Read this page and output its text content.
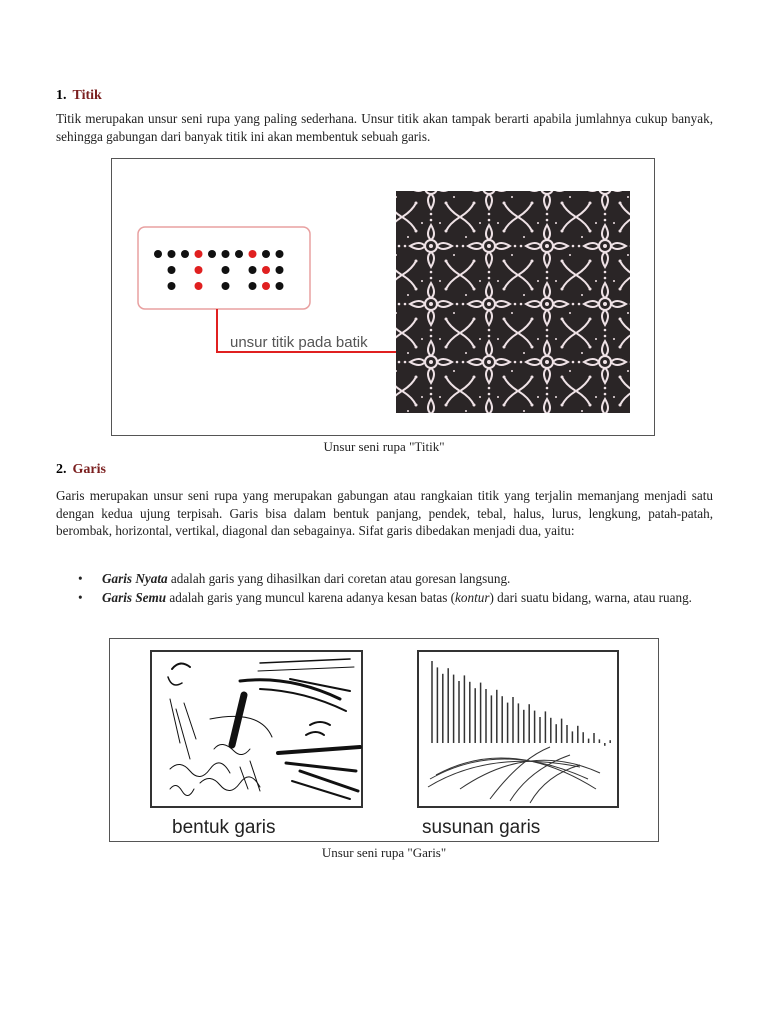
1. Titik

Titik merupakan unsur seni rupa yang paling sederhana. Unsur titik akan tampak berarti apabila jumlahnya cukup banyak, sehingga gabungan dari banyak titik ini akan membentuk sebuah garis.

unsur titik pada batik
Unsur seni rupa "Titik"
2. Garis

Garis merupakan unsur seni rupa yang merupakan gabungan atau rangkaian titik yang terjalin memanjang menjadi satu dengan kedua ujung terpisah. Garis bisa dalam bentuk panjang, pendek, tebal, halus, lurus, lengkung, patah-patah, berombak, horizontal, vertikal, diagonal dan sebagainya. Sifat garis dibedakan menjadi dua, yaitu:

• Garis Nyata adalah garis yang dihasilkan dari coretan atau goresan langsung.
• Garis Semu adalah garis yang muncul karena adanya kesan batas (kontur) dari suatu bidang, warna, atau ruang.
bentuk garis	susunan garis
Unsur seni rupa "Garis"
